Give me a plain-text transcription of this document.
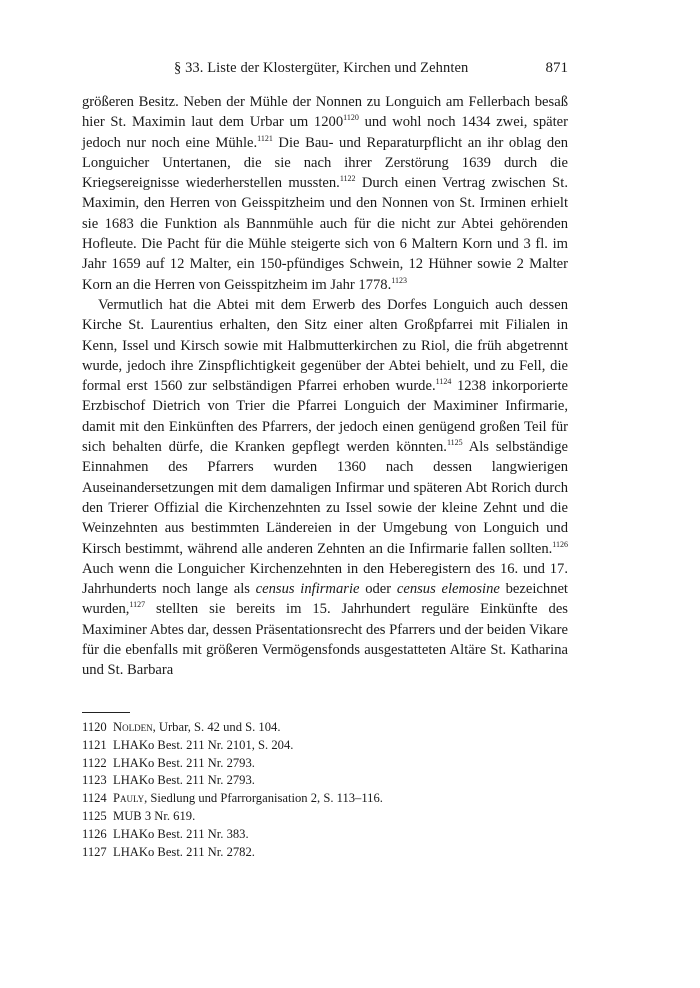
§ 33. Liste der Klostergüter, Kirchen und Zehnten	871

größeren Besitz. Neben der Mühle der Nonnen zu Longuich am Fellerbach besaß hier St. Maximin laut dem Urbar um $1200^{1120}$ und wohl noch 1434 zwei, später jedoch nur noch eine Mühle.$^{1121}$ Die Bau- und Reparaturpflicht an ihr oblag den Longuicher Untertanen, die sie nach ihrer Zerstörung 1639 durch die Kriegsereignisse wiederherstellen mussten.$^{1122}$ Durch einen Vertrag zwischen St. Maximin, den Herren von Geisspitzheim und den Nonnen von St. Irminen erhielt sie 1683 die Funktion als Bannmühle auch für die nicht zur Abtei gehörenden Hofleute. Die Pacht für die Mühle steigerte sich von 6 Maltern Korn und 3 fl. im Jahr 1659 auf 12 Malter, ein 150-pfündiges Schwein, 12 Hühner sowie 2 Malter Korn an die Herren von Geisspitzheim im Jahr 1778.$^{1123}$

Vermutlich hat die Abtei mit dem Erwerb des Dorfes Longuich auch dessen Kirche St. Laurentius erhalten, den Sitz einer alten Großpfarrei mit Filialen in Kenn, Issel und Kirsch sowie mit Halbmutterkirchen zu Riol, die früh abgetrennt wurde, jedoch ihre Zinspflichtigkeit gegenüber der Abtei behielt, und zu Fell, die formal erst 1560 zur selbständigen Pfarrei erhoben wurde.$^{1124}$ 1238 inkorporierte Erzbischof Dietrich von Trier die Pfarrei Longuich der Maximiner Infirmarie, damit mit den Einkünften des Pfarrers, der jedoch einen genügend großen Teil für sich behalten dürfe, die Kranken gepflegt werden könnten.$^{1125}$ Als selbständige Einnahmen des Pfarrers wurden 1360 nach dessen langwierigen Auseinandersetzungen mit dem damaligen Infirmar und späteren Abt Rorich durch den Trierer Offizial die Kirchenzehnten zu Issel sowie der kleine Zehnt und die Weinzehnten aus bestimmten Ländereien in der Umgebung von Longuich und Kirsch bestimmt, während alle anderen Zehnten an die Infirmarie fallen sollten.$^{1126}$ Auch wenn die Longuicher Kirchenzehnten in den Heberegistern des 16. und 17. Jahrhunderts noch lange als census infirmarie oder census elemosine bezeichnet wurden,$^{1127}$ stellten sie bereits im 15. Jahrhundert reguläre Einkünfte des Maximiner Abtes dar, dessen Präsentationsrecht des Pfarrers und der beiden Vikare für die ebenfalls mit größeren Vermögensfonds ausgestatteten Altäre St. Katharina und St. Barbara

1120 Nolden, Urbar, S. 42 und S. 104.
1121 LHAKo Best. 211 Nr. 2101, S. 204.
1122 LHAKo Best. 211 Nr. 2793.
1123 LHAKo Best. 211 Nr. 2793.
1124 Pauly, Siedlung und Pfarrorganisation 2, S. 113–116.
1125 MUB 3 Nr. 619.
1126 LHAKo Best. 211 Nr. 383.
1127 LHAKo Best. 211 Nr. 2782.
